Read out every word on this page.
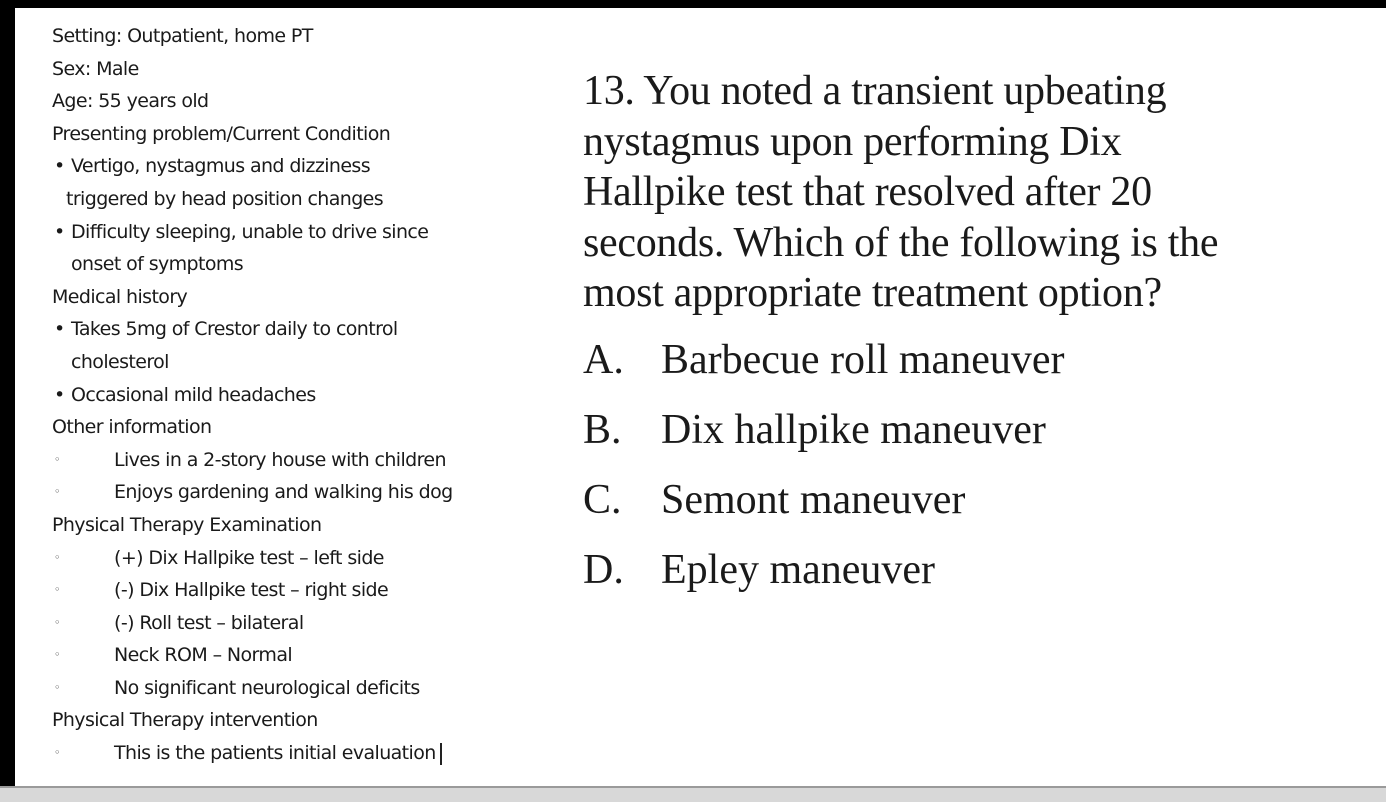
Setting: Outpatient, home PT
Sex: Male
Age: 55 years old
Presenting problem/Current Condition
• Vertigo, nystagmus and dizziness
triggered by head position changes
• Difficulty sleeping, unable to drive since
onset of symptoms
Medical history
• Takes 5mg of Crestor daily to control
cholesterol
• Occasional mild headaches
Other information
◦	Lives in a 2-story house with children
◦	Enjoys gardening and walking his dog
Physical Therapy Examination
◦	(+) Dix Hallpike test – left side
◦	(-) Dix Hallpike test – right side
◦	(-) Roll test – bilateral
◦	Neck ROM – Normal
◦	No significant neurological deficits
Physical Therapy intervention
◦	This is the patients initial evaluation
13. You noted a transient upbeating
nystagmus upon performing Dix
Hallpike test that resolved after 20
seconds. Which of the following is the
most appropriate treatment option?
A. Barbecue roll maneuver
B. Dix hallpike maneuver
C. Semont maneuver
D. Epley maneuver
